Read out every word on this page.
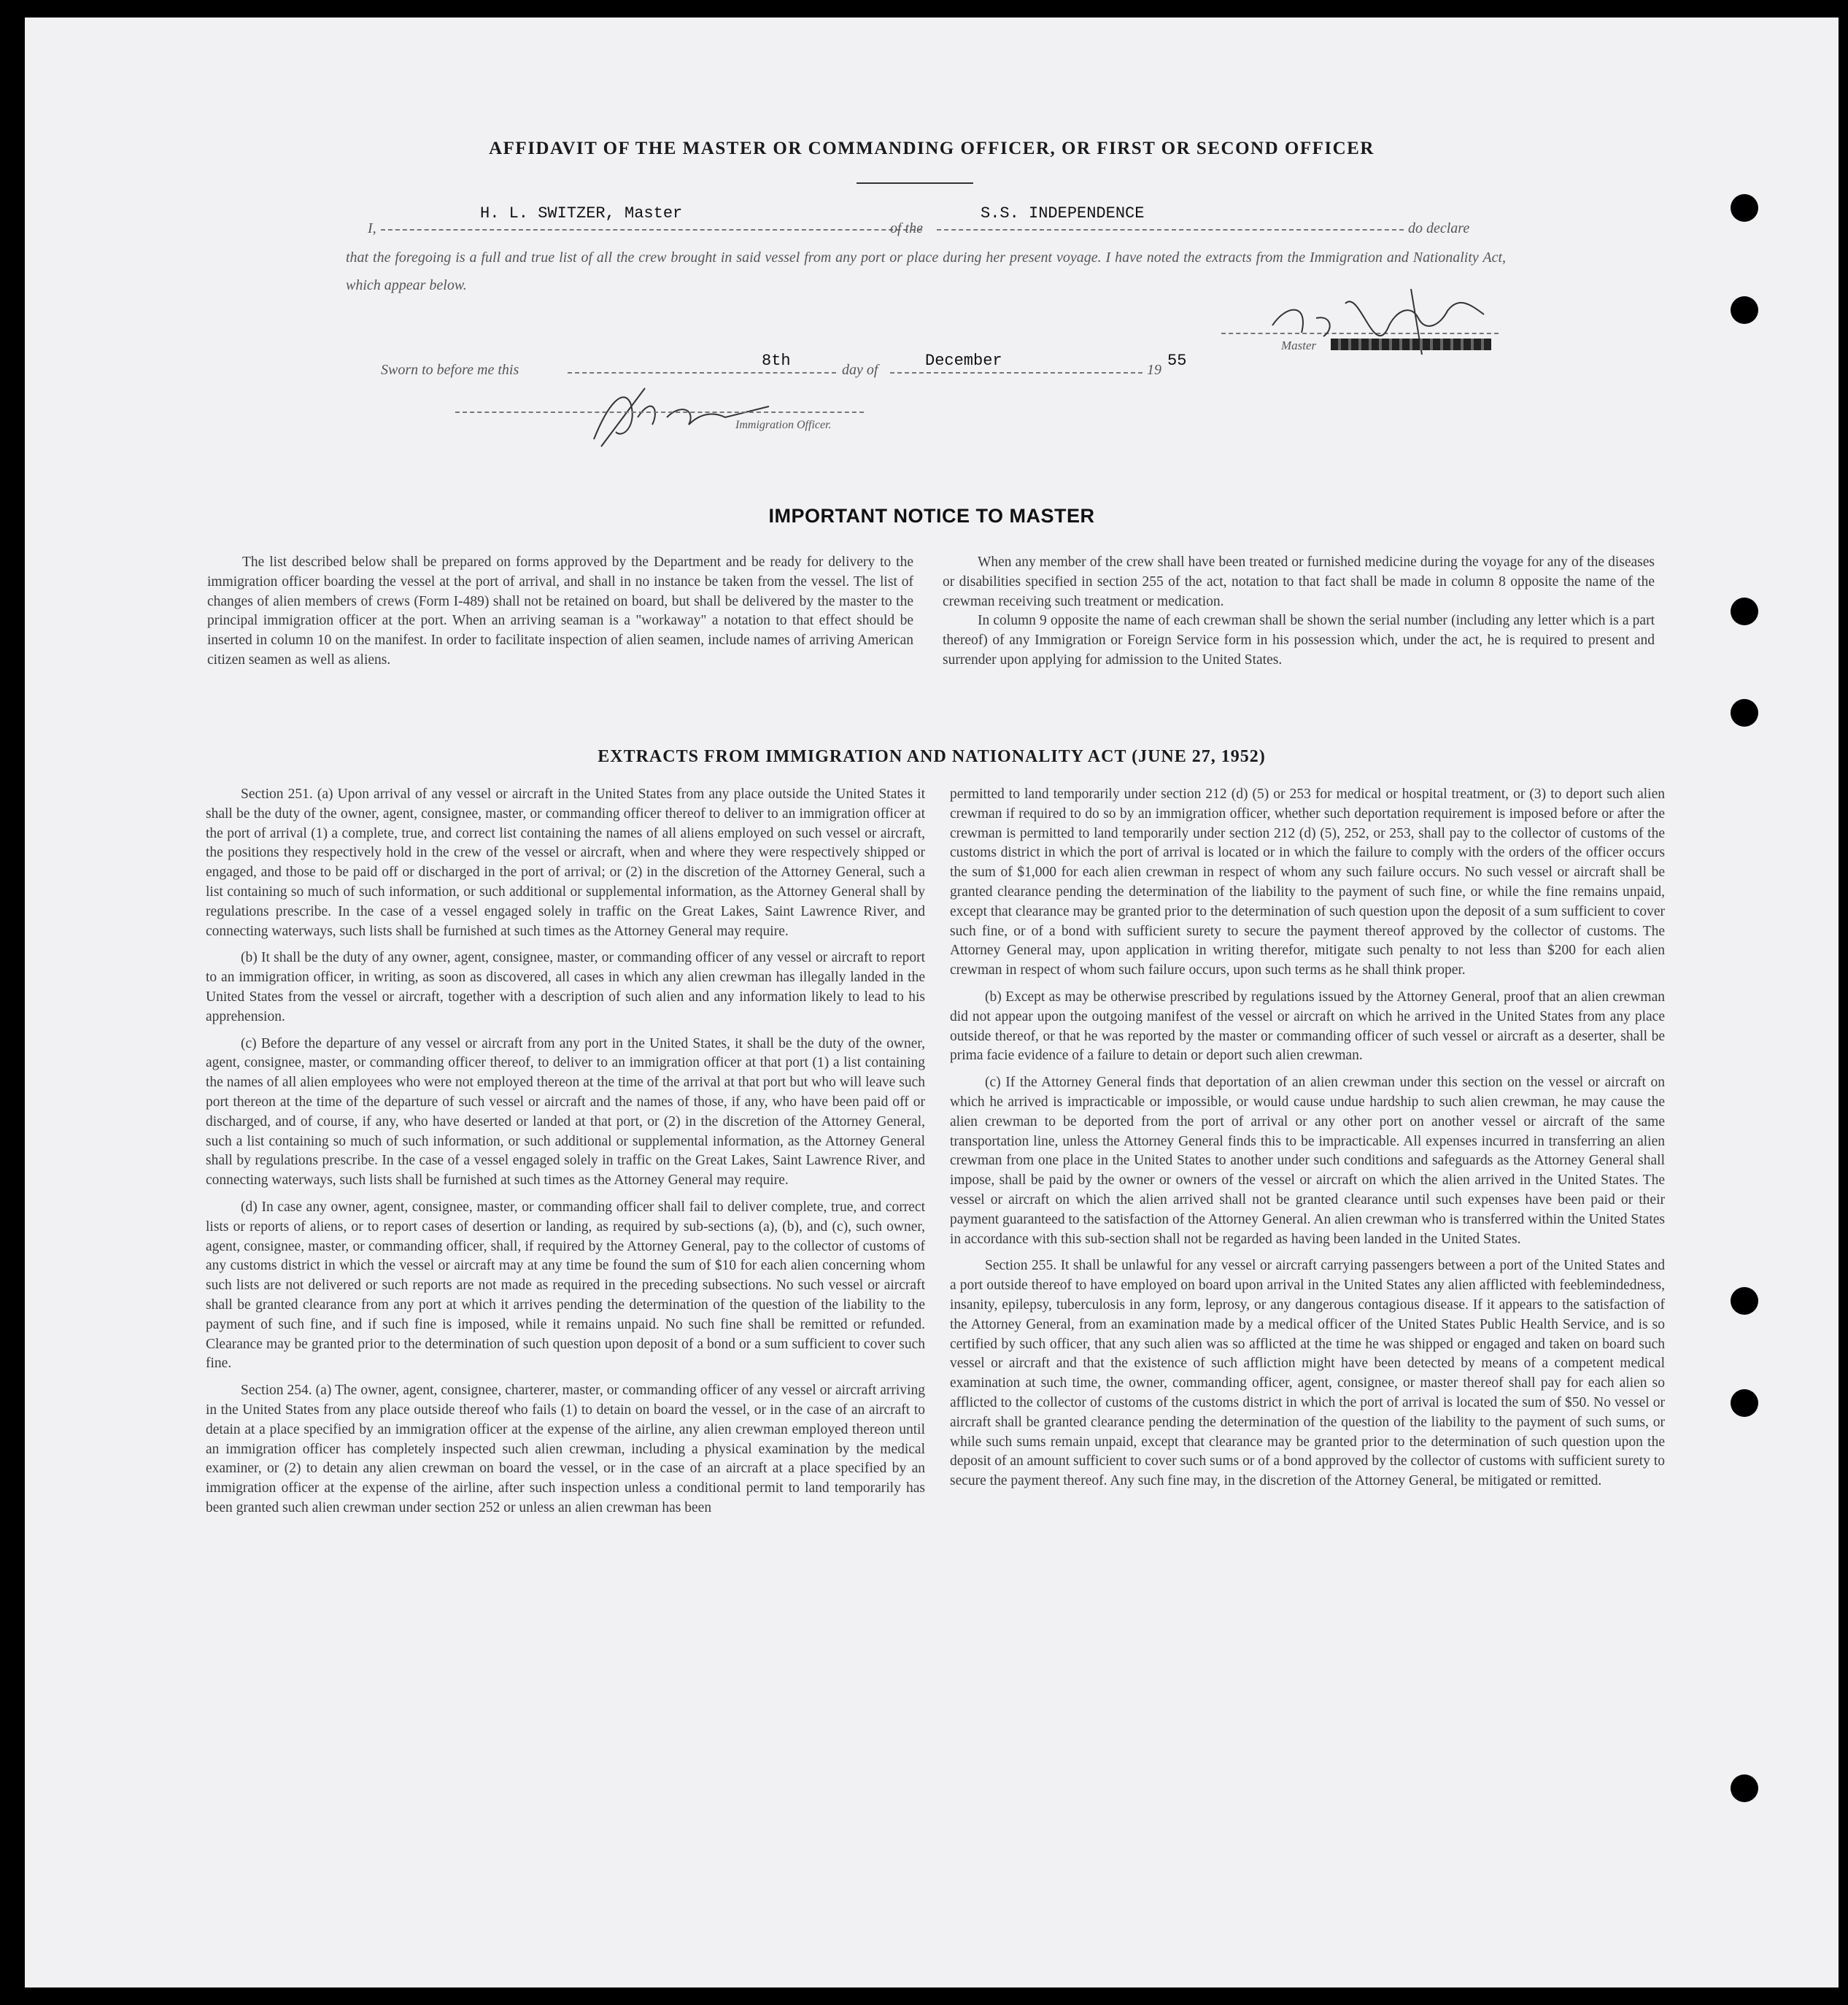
AFFIDAVIT OF THE MASTER OR COMMANDING OFFICER, OR FIRST OR SECOND OFFICER
I,
H. L. SWITZER, Master
of the
S.S. INDEPENDENCE
do declare
that the foregoing is a full and true list of all the crew brought in said vessel from any port or place during her present voyage. I have noted the extracts from the Immigration and Nationality Act, which appear below.
Master
Sworn to before me this	8th	day of	December	19 55
Immigration Officer.
IMPORTANT NOTICE TO MASTER

The list described below shall be prepared on forms approved by the Department and be ready for delivery to the immigration officer boarding the vessel at the port of arrival, and shall in no instance be taken from the vessel. The list of changes of alien members of crews (Form I-489) shall not be retained on board, but shall be delivered by the master to the principal immigration officer at the port. When an arriving seaman is a "workaway" a notation to that effect should be inserted in column 10 on the manifest. In order to facilitate inspection of alien seamen, include names of arriving American citizen seamen as well as aliens.

When any member of the crew shall have been treated or furnished medicine during the voyage for any of the diseases or disabilities specified in section 255 of the act, notation to that fact shall be made in column 8 opposite the name of the crewman receiving such treatment or medication.

In column 9 opposite the name of each crewman shall be shown the serial number (including any letter which is a part thereof) of any Immigration or Foreign Service form in his possession which, under the act, he is required to present and surrender upon applying for admission to the United States.

EXTRACTS FROM IMMIGRATION AND NATIONALITY ACT (JUNE 27, 1952)

Section 251. (a) Upon arrival of any vessel or aircraft in the United States from any place outside the United States it shall be the duty of the owner, agent, consignee, master, or commanding officer thereof to deliver to an immigration officer at the port of arrival (1) a complete, true, and correct list containing the names of all aliens employed on such vessel or aircraft, the positions they respectively hold in the crew of the vessel or aircraft, when and where they were respectively shipped or engaged, and those to be paid off or discharged in the port of arrival; or (2) in the discretion of the Attorney General, such a list containing so much of such information, or such additional or supplemental information, as the Attorney General shall by regulations prescribe. In the case of a vessel engaged solely in traffic on the Great Lakes, Saint Lawrence River, and connecting waterways, such lists shall be furnished at such times as the Attorney General may require.

(b) It shall be the duty of any owner, agent, consignee, master, or commanding officer of any vessel or aircraft to report to an immigration officer, in writing, as soon as discovered, all cases in which any alien crewman has illegally landed in the United States from the vessel or aircraft, together with a description of such alien and any information likely to lead to his apprehension.

(c) Before the departure of any vessel or aircraft from any port in the United States, it shall be the duty of the owner, agent, consignee, master, or commanding officer thereof, to deliver to an immigration officer at that port (1) a list containing the names of all alien employees who were not employed thereon at the time of the arrival at that port but who will leave such port thereon at the time of the departure of such vessel or aircraft and the names of those, if any, who have been paid off or discharged, and of course, if any, who have deserted or landed at that port, or (2) in the discretion of the Attorney General, such a list containing so much of such information, or such additional or supplemental information, as the Attorney General shall by regulations prescribe. In the case of a vessel engaged solely in traffic on the Great Lakes, Saint Lawrence River, and connecting waterways, such lists shall be furnished at such times as the Attorney General may require.

(d) In case any owner, agent, consignee, master, or commanding officer shall fail to deliver complete, true, and correct lists or reports of aliens, or to report cases of desertion or landing, as required by sub-sections (a), (b), and (c), such owner, agent, consignee, master, or commanding officer, shall, if required by the Attorney General, pay to the collector of customs of any customs district in which the vessel or aircraft may at any time be found the sum of $10 for each alien concerning whom such lists are not delivered or such reports are not made as required in the preceding subsections. No such vessel or aircraft shall be granted clearance from any port at which it arrives pending the determination of the question of the liability to the payment of such fine, and if such fine is imposed, while it remains unpaid. No such fine shall be remitted or refunded. Clearance may be granted prior to the determination of such question upon deposit of a bond or a sum sufficient to cover such fine.

Section 254. (a) The owner, agent, consignee, charterer, master, or commanding officer of any vessel or aircraft arriving in the United States from any place outside thereof who fails (1) to detain on board the vessel, or in the case of an aircraft to detain at a place specified by an immigration officer at the expense of the airline, any alien crewman employed thereon until an immigration officer has completely inspected such alien crewman, including a physical examination by the medical examiner, or (2) to detain any alien crewman on board the vessel, or in the case of an aircraft at a place specified by an immigration officer at the expense of the airline, after such inspection unless a conditional permit to land temporarily has been granted such alien crewman under section 252 or unless an alien crewman has been

permitted to land temporarily under section 212 (d) (5) or 253 for medical or hospital treatment, or (3) to deport such alien crewman if required to do so by an immigration officer, whether such deportation requirement is imposed before or after the crewman is permitted to land temporarily under section 212 (d) (5), 252, or 253, shall pay to the collector of customs of the customs district in which the port of arrival is located or in which the failure to comply with the orders of the officer occurs the sum of $1,000 for each alien crewman in respect of whom any such failure occurs. No such vessel or aircraft shall be granted clearance pending the determination of the liability to the payment of such fine, or while the fine remains unpaid, except that clearance may be granted prior to the determination of such question upon the deposit of a sum sufficient to cover such fine, or of a bond with sufficient surety to secure the payment thereof approved by the collector of customs. The Attorney General may, upon application in writing therefor, mitigate such penalty to not less than $200 for each alien crewman in respect of whom such failure occurs, upon such terms as he shall think proper.

(b) Except as may be otherwise prescribed by regulations issued by the Attorney General, proof that an alien crewman did not appear upon the outgoing manifest of the vessel or aircraft on which he arrived in the United States from any place outside thereof, or that he was reported by the master or commanding officer of such vessel or aircraft as a deserter, shall be prima facie evidence of a failure to detain or deport such alien crewman.

(c) If the Attorney General finds that deportation of an alien crewman under this section on the vessel or aircraft on which he arrived is impracticable or impossible, or would cause undue hardship to such alien crewman, he may cause the alien crewman to be deported from the port of arrival or any other port on another vessel or aircraft of the same transportation line, unless the Attorney General finds this to be impracticable. All expenses incurred in transferring an alien crewman from one place in the United States to another under such conditions and safeguards as the Attorney General shall impose, shall be paid by the owner or owners of the vessel or aircraft on which the alien arrived in the United States. The vessel or aircraft on which the alien arrived shall not be granted clearance until such expenses have been paid or their payment guaranteed to the satisfaction of the Attorney General. An alien crewman who is transferred within the United States in accordance with this sub-section shall not be regarded as having been landed in the United States.

Section 255. It shall be unlawful for any vessel or aircraft carrying passengers between a port of the United States and a port outside thereof to have employed on board upon arrival in the United States any alien afflicted with feeblemindedness, insanity, epilepsy, tuberculosis in any form, leprosy, or any dangerous contagious disease. If it appears to the satisfaction of the Attorney General, from an examination made by a medical officer of the United States Public Health Service, and is so certified by such officer, that any such alien was so afflicted at the time he was shipped or engaged and taken on board such vessel or aircraft and that the existence of such affliction might have been detected by means of a competent medical examination at such time, the owner, commanding officer, agent, consignee, or master thereof shall pay for each alien so afflicted to the collector of customs of the customs district in which the port of arrival is located the sum of $50. No vessel or aircraft shall be granted clearance pending the determination of the question of the liability to the payment of such sums, or while such sums remain unpaid, except that clearance may be granted prior to the determination of such question upon the deposit of an amount sufficient to cover such sums or of a bond approved by the collector of customs with sufficient surety to secure the payment thereof. Any such fine may, in the discretion of the Attorney General, be mitigated or remitted.
